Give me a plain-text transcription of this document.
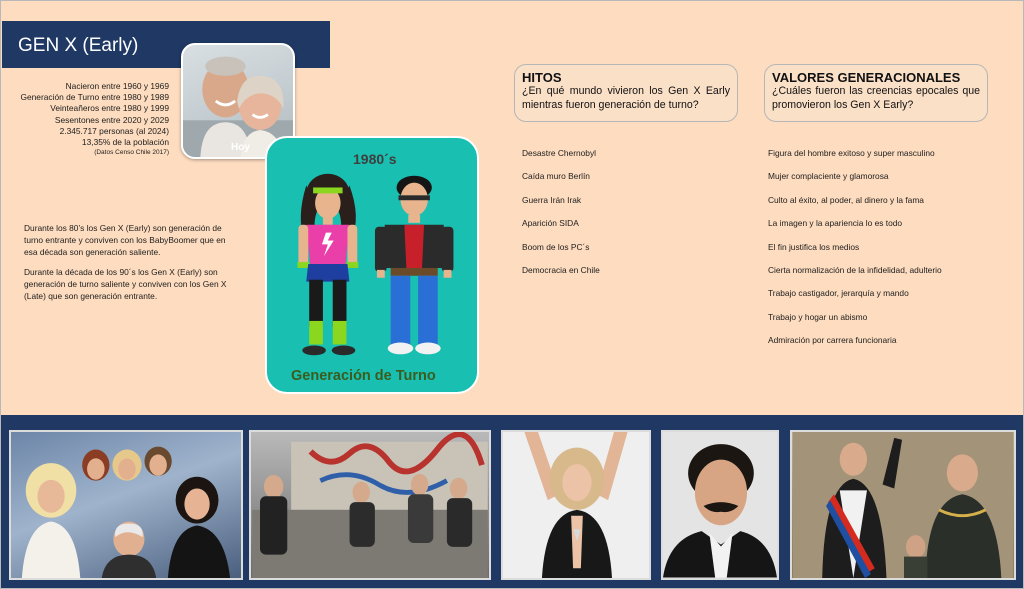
GEN X (Early)
Nacieron entre 1960 y 1969
Generación de Turno entre 1980 y 1989
Veinteañeros entre 1980 y 1999
Sesentones entre 2020 y 2029
2.345.717 personas (al 2024)
13,35% de la población
(Datos Censo Chile 2017)	Hoy

Durante los 80’s los Gen X (Early) son generación de turno entrante y conviven con los BabyBoomer que en esa década son generación saliente.

Durante la década de los 90´s los Gen X (Early) son generación de turno saliente y conviven con los Gen X (Late) que son generación entrante.

1980´s
Generación de Turno
HITOS

¿En qué mundo vivieron los Gen X Early mientras fueron generación de turno?

VALORES GENERACIONALES

¿Cuáles fueron las creencias epocales que promovieron los Gen X Early?

Desastre Chernobyl
Caída muro Berlín
Guerra Irán Irak
Aparición SIDA
Boom de los PC´s
Democracia en Chile
Figura del hombre exitoso y super masculino
Mujer complaciente y glamorosa
Culto al éxito, al poder, al dinero y la fama
La imagen y la apariencia lo es todo
El fin justifica los medios
Cierta normalización de la infidelidad, adulterio
Trabajo castigador, jerarquía y mando
Trabajo y hogar un abismo
Admiración por carrera funcionaria
